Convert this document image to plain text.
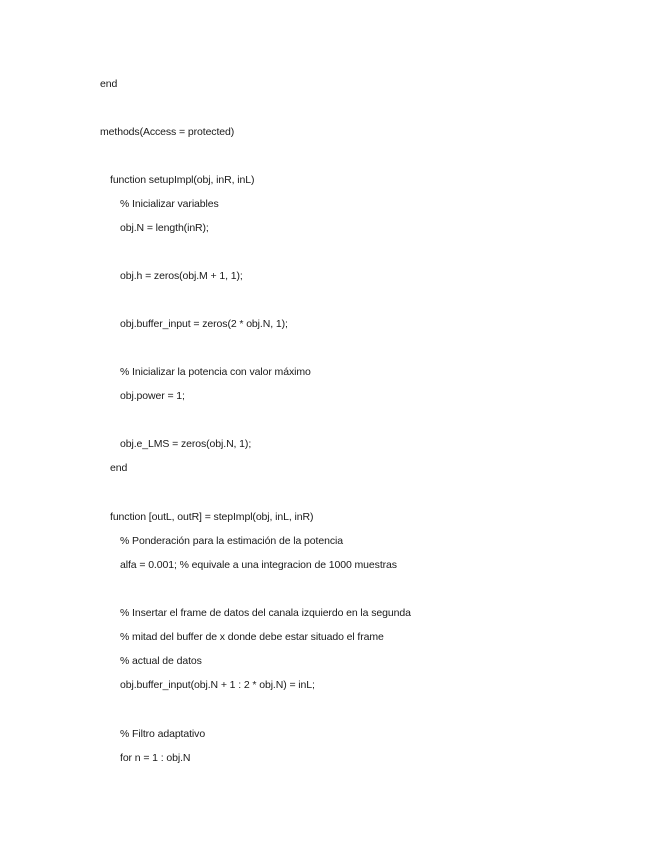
end
methods(Access = protected)
function setupImpl(obj, inR, inL)
% Inicializar variables
obj.N = length(inR);
obj.h = zeros(obj.M + 1, 1);
obj.buffer_input = zeros(2 * obj.N, 1);
% Inicializar la potencia con valor máximo
obj.power = 1;
obj.e_LMS = zeros(obj.N, 1);
end
function [outL, outR] = stepImpl(obj, inL, inR)
% Ponderación para la estimación de la potencia
alfa = 0.001; % equivale a una integracion de 1000 muestras
% Insertar el frame de datos del canala izquierdo en la segunda
% mitad del buffer de x donde debe estar situado el frame
% actual de datos
obj.buffer_input(obj.N + 1 : 2 * obj.N) = inL;
% Filtro adaptativo
for n = 1 : obj.N
